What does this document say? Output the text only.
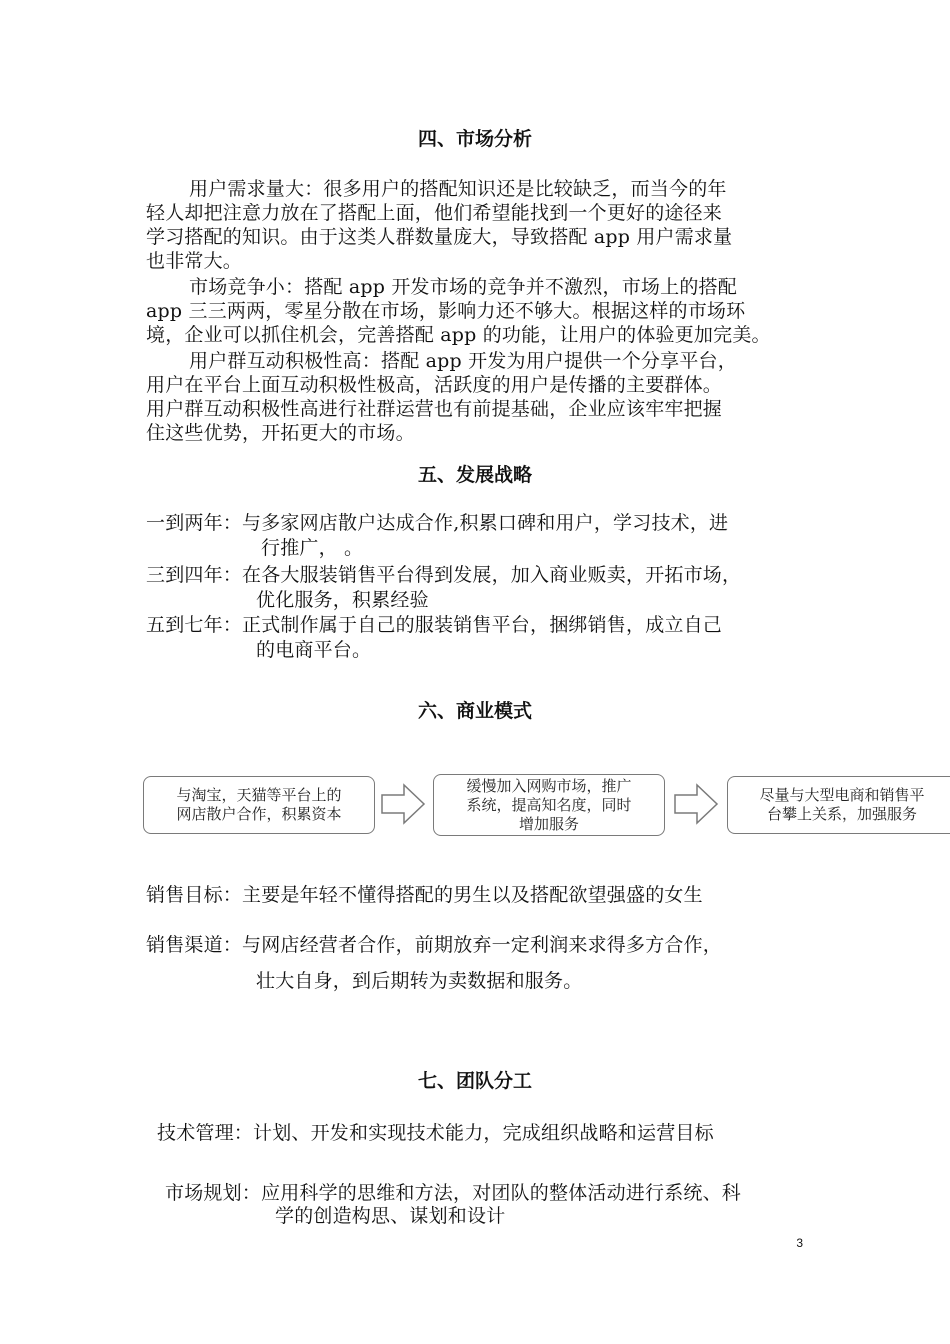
四、市场分析
用户需求量大：很多用户的搭配知识还是比较缺乏，而当今的年
轻人却把注意力放在了搭配上面，他们希望能找到一个更好的途径来
学习搭配的知识。由于这类人群数量庞大，导致搭配 app 用户需求量
也非常大。
市场竞争小：搭配 app 开发市场的竞争并不激烈，市场上的搭配
app 三三两两，零星分散在市场，影响力还不够大。根据这样的市场环
境，企业可以抓住机会，完善搭配 app 的功能，让用户的体验更加完美。
用户群互动积极性高：搭配 app 开发为用户提供一个分享平台，
用户在平台上面互动积极性极高，活跃度的用户是传播的主要群体。
用户群互动积极性高进行社群运营也有前提基础，企业应该牢牢把握
住这些优势，开拓更大的市场。
五、发展战略
一到两年：与多家网店散户达成合作,积累口碑和用户，学习技术，进
行推广， 。
三到四年：在各大服装销售平台得到发展，加入商业贩卖，开拓市场，
优化服务，积累经验
五到七年：正式制作属于自己的服装销售平台，捆绑销售，成立自己
的电商平台。
六、商业模式
与淘宝，天猫等平台上的
网店散户合作，积累资本
缓慢加入网购市场，推广
系统，提高知名度，同时
增加服务
尽量与大型电商和销售平
台攀上关系，加强服务
销售目标：主要是年轻不懂得搭配的男生以及搭配欲望强盛的女生
销售渠道：与网店经营者合作，前期放弃一定利润来求得多方合作，
壮大自身，到后期转为卖数据和服务。
七、团队分工
技术管理：计划、开发和实现技术能力，完成组织战略和运营目标
市场规划：应用科学的思维和方法，对团队的整体活动进行系统、科
学的创造构思、谋划和设计
3
